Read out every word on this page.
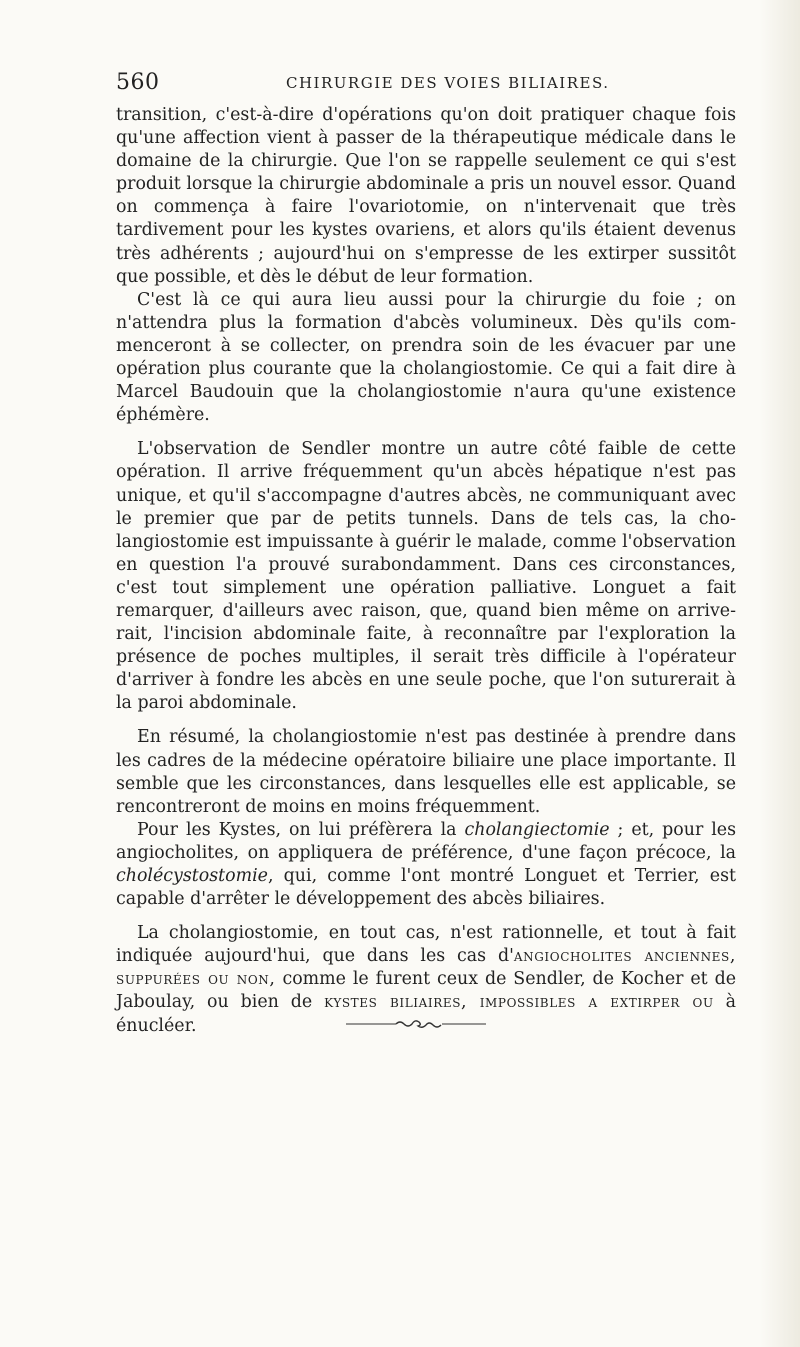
560	CHIRURGIE DES VOIES BILIAIRES.

transition, c'est-à-dire d'opérations qu'on doit pratiquer chaque fois qu'une affection vient à passer de la thérapeutique médicale dans le domaine de la chirurgie. Que l'on se rappelle seulement ce qui s'est produit lorsque la chirurgie abdominale a pris un nouvel essor. Quand on commença à faire l'ovariotomie, on n'intervenait que très tardivement pour les kystes ovariens, et alors qu'ils étaient devenus très adhérents ; aujourd'hui on s'empresse de les extirper sussitôt que possible, et dès le début de leur formation.

C'est là ce qui aura lieu aussi pour la chirurgie du foie ; on n'attendra plus la formation d'abcès volumineux. Dès qu'ils commenceront à se collecter, on prendra soin de les évacuer par une opération plus courante que la cholangiostomie. Ce qui a fait dire à Marcel Baudouin que la cholangiostomie n'aura qu'une existence éphémère.

L'observation de Sendler montre un autre côté faible de cette opération. Il arrive fréquemment qu'un abcès hépatique n'est pas unique, et qu'il s'accompagne d'autres abcès, ne communiquant avec le premier que par de petits tunnels. Dans de tels cas, la cholangiostomie est impuissante à guérir le malade, comme l'observation en question l'a prouvé surabondamment. Dans ces circonstances, c'est tout simplement une opération palliative. Longuet a fait remarquer, d'ailleurs avec raison, que, quand bien même on arriverait, l'incision abdominale faite, à reconnaître par l'exploration la présence de poches multiples, il serait très difficile à l'opérateur d'arriver à fondre les abcès en une seule poche, que l'on suturerait à la paroi abdominale.

En résumé, la cholangiostomie n'est pas destinée à prendre dans les cadres de la médecine opératoire biliaire une place importante. Il semble que les circonstances, dans lesquelles elle est applicable, se rencontreront de moins en moins fréquemment.

Pour les Kystes, on lui préfèrera la cholangiectomie ; et, pour les angiocholites, on appliquera de préférence, d'une façon précoce, la cholécystostomie, qui, comme l'ont montré Longuet et Terrier, est capable d'arrêter le développement des abcès biliaires.

La cholangiostomie, en tout cas, n'est rationnelle, et tout à fait indiquée aujourd'hui, que dans les cas d'angiocholites anciennes, suppurées ou non, comme le furent ceux de Sendler, de Kocher et de Jaboulay, ou bien de kystes biliaires, impossibles a extirper ou à énucléer.
